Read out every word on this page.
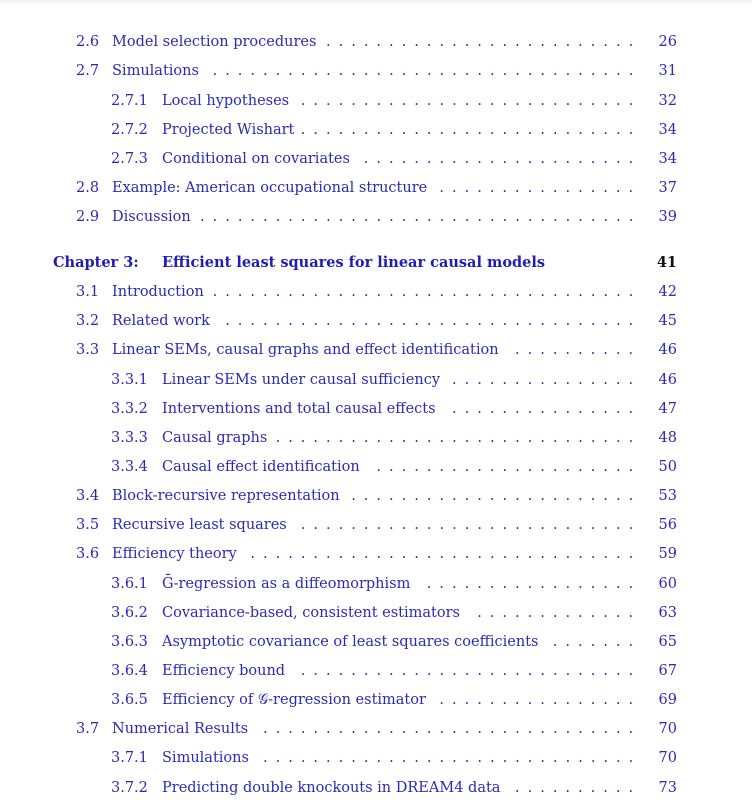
2.6 Model selection procedures .........................	26
2.7 Simulations ..................................	31
2.7.1 Local hypotheses ...........................	32
2.7.2 Projected Wishart ...........................	34
2.7.3 Conditional on covariates ......................	34
2.8 Example: American occupational structure ................	37
2.9 Discussion ...................................	39
Chapter 3: Efficient least squares for linear causal models	41
3.1 Introduction ..................................	42
3.2 Related work .................................	45
3.3 Linear SEMs, causal graphs and effect identification ..........	46
3.3.1 Linear SEMs under causal sufficiency ...............	46
3.3.2 Interventions and total causal effects ...............	47
3.3.3 Causal graphs .............................	48
3.3.4 Causal effect identification .....................	50
3.4 Block-recursive representation .......................	53
3.5 Recursive least squares ...........................	56
3.6 Efficiency theory ...............................	59
3.6.1 Ḡ-regression as a diffeomorphism .................	60
3.6.2 Covariance-based, consistent estimators .............	63
3.6.3 Asymptotic covariance of least squares coefficients .......	65
3.6.4 Efficiency bound ...........................	67
3.6.5 Efficiency of 𝒢-regression estimator ................	69
3.7 Numerical Results ..............................	70
3.7.1 Simulations ..............................	70
3.7.2 Predicting double knockouts in DREAM4 data ..........	73
